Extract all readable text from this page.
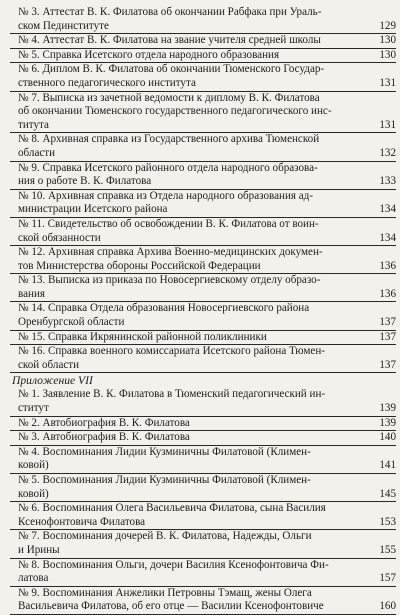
№ 3. Аттестат В. К. Филатова об окончании Рабфака при Ураль-
ском Пединституте	129
№ 4. Аттестат В. К. Филатова на звание учителя средней школы	130
№ 5. Справка Исетского отдела народного образования	130
№ 6. Диплом В. К. Филатова об окончании Тюменского Государ-
ственного педагогического института	131
№ 7. Выписка из зачетной ведомости к диплому В. К. Филатова
об окончании Тюменского государственного педагогического инс-
титута	131
№ 8. Архивная справка из Государственного архива Тюменской
области	132
№ 9. Справка Исетского районного отдела народного образова-
ния о работе В. К. Филатова	133
№ 10. Архивная справка из Отдела народного образования ад-
министрации Исетского района	134
№ 11. Свидетельство об освобождении В. К. Филатова от воин-
ской обязанности	134
№ 12. Архивная справка Архива Военно-медицинских докумен-
тов Министерства обороны Российской Федерации	136
№ 13. Выписка из приказа по Новосергиевскому отделу образо-
вания	136
№ 14. Справка Отдела образования Новосергиевского района
Оренбургской области	137
№ 15. Справка Икрянинской районной поликлиники	137
№ 16. Справка военного комиссариата Исетского района Тюмен-
ской области	137
Приложение VII
№ 1. Заявление В. К. Филатова в Тюменский педагогический ин-
ститут	139
№ 2. Автобиография В. К. Филатова	139
№ 3. Автобиография В. К. Филатова	140
№ 4. Воспоминания Лидии Кузминичны Филатовой (Климен-
ковой)	141
№ 5. Воспоминания Лидии Кузминичны Филатовой (Климен-
ковой)	145
№ 6. Воспоминания Олега Васильевича Филатова, сына Василия
Ксенофонтовича Филатова	153
№ 7. Воспоминания дочерей В. К. Филатова, Надежды, Ольги
и Ирины	155
№ 8. Воспоминания Ольги, дочери Василия Ксенофонтовича Фи-
латова	157
№ 9. Воспоминания Анжелики Петровны Тэмащ, жены Олега
Васильевича Филатова, об его отце — Василии Ксенофонтовиче	160
